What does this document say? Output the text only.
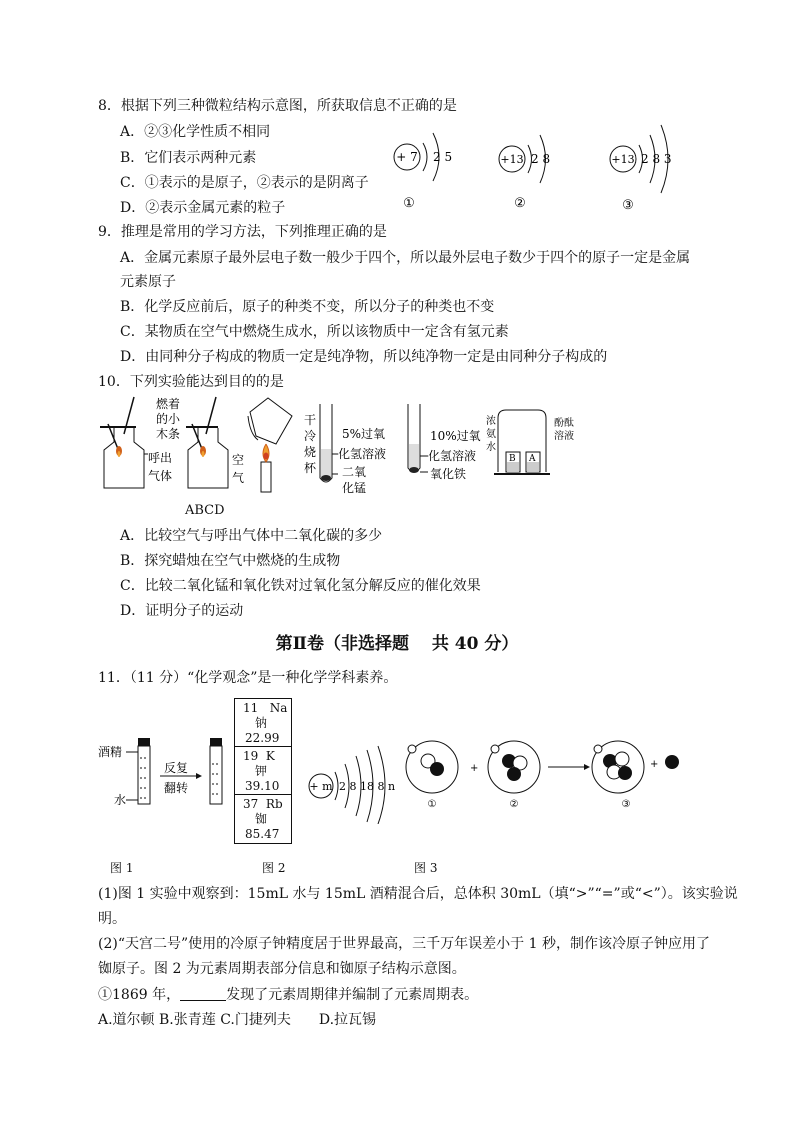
8．根据下列三种微粒结构示意图，所获取信息不正确的是
A．②③化学性质不相同
B．它们表示两种元素
C．①表示的是原子，②表示的是阴离子
D．②表示金属元素的粒子
+ 7 2 5
①
+13 2 8
②
+13 2 8 3
③
9．推理是常用的学习方法，下列推理正确的是
A．金属元素原子最外层电子数一般少于四个，所以最外层电子数少于四个的原子一定是金属
元素原子
B．化学反应前后，原子的种类不变，所以分子的种类也不变
C．某物质在空气中燃烧生成水，所以该物质中一定含有氢元素
D．由同种分子构成的物质一定是纯净物，所以纯净物一定是由同种分子构成的
10．下列实验能达到目的的是
燃着
的小
木条
呼出
气体
空
气
干
冷
烧
杯
5%过氧
化氢溶液
二氧
化锰
10%过氧
化氢溶液
氧化铁
浓
氨
水
B A
酚酞
溶液
ABCD
A．比较空气与呼出气体中二氧化碳的多少
B．探究蜡烛在空气中燃烧的生成物
C．比较二氧化锰和氧化铁对过氧化氢分解反应的催化效果
D．证明分子的运动
第Ⅱ卷（非选择题　 共 40 分）
11．（11 分）“化学观念”是一种化学学科素养。
酒精
水
反复
翻转
11 Na
钠
22.99
19 K
钾
39.10
37 Rb
铷
85.47
+ m 2 8 18 8 n
①
+
②	③
+
图 1	图 2	图 3
(1)图 1 实验中观察到：15mL 水与 15mL 酒精混合后，总体积 30mL（填“>”“=”或“<”）。该实验说
明。
(2)“天宫二号”使用的冷原子钟精度居于世界最高，三千万年误差小于 1 秒，制作该冷原子钟应用了
铷原子。图 2 为元素周期表部分信息和铷原子结构示意图。
①1869 年，	发现了元素周期律并编制了元素周期表。
A.道尔顿 B.张青莲 C.门捷列夫　　D.拉瓦锡
